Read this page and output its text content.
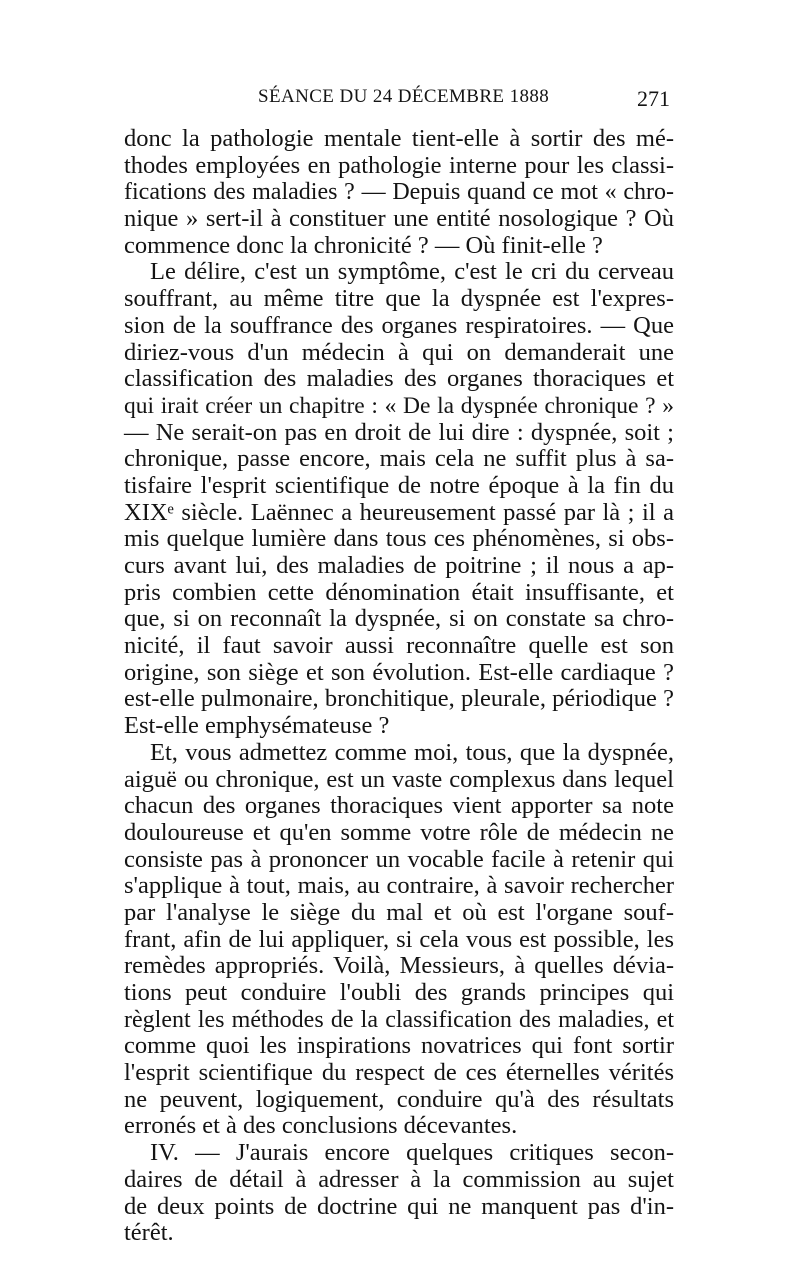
SÉANCE DU 24 DÉCEMBRE 1888	271
donc la pathologie mentale tient-elle à sortir des mé-
thodes employées en pathologie interne pour les classi-
fications des maladies ? — Depuis quand ce mot « chro-
nique » sert-il à constituer une entité nosologique ? Où
commence donc la chronicité ? — Où finit-elle ?
Le délire, c'est un symptôme, c'est le cri du cerveau
souffrant, au même titre que la dyspnée est l'expres-
sion de la souffrance des organes respiratoires. — Que
diriez-vous d'un médecin à qui on demanderait une
classification des maladies des organes thoraciques et
qui irait créer un chapitre : « De la dyspnée chronique ? »
— Ne serait-on pas en droit de lui dire : dyspnée, soit ;
chronique, passe encore, mais cela ne suffit plus à sa-
tisfaire l'esprit scientifique de notre époque à la fin du
XIXᵉ siècle. Laënnec a heureusement passé par là ; il a
mis quelque lumière dans tous ces phénomènes, si obs-
curs avant lui, des maladies de poitrine ; il nous a ap-
pris combien cette dénomination était insuffisante, et
que, si on reconnaît la dyspnée, si on constate sa chro-
nicité, il faut savoir aussi reconnaître quelle est son
origine, son siège et son évolution. Est-elle cardiaque ?
est-elle pulmonaire, bronchitique, pleurale, périodique ?
Est-elle emphysémateuse ?
Et, vous admettez comme moi, tous, que la dyspnée,
aiguë ou chronique, est un vaste complexus dans lequel
chacun des organes thoraciques vient apporter sa note
douloureuse et qu'en somme votre rôle de médecin ne
consiste pas à prononcer un vocable facile à retenir qui
s'applique à tout, mais, au contraire, à savoir rechercher
par l'analyse le siège du mal et où est l'organe souf-
frant, afin de lui appliquer, si cela vous est possible, les
remèdes appropriés. Voilà, Messieurs, à quelles dévia-
tions peut conduire l'oubli des grands principes qui
règlent les méthodes de la classification des maladies, et
comme quoi les inspirations novatrices qui font sortir
l'esprit scientifique du respect de ces éternelles vérités
ne peuvent, logiquement, conduire qu'à des résultats
erronés et à des conclusions décevantes.
IV. — J'aurais encore quelques critiques secon-
daires de détail à adresser à la commission au sujet
de deux points de doctrine qui ne manquent pas d'in-
térêt.
